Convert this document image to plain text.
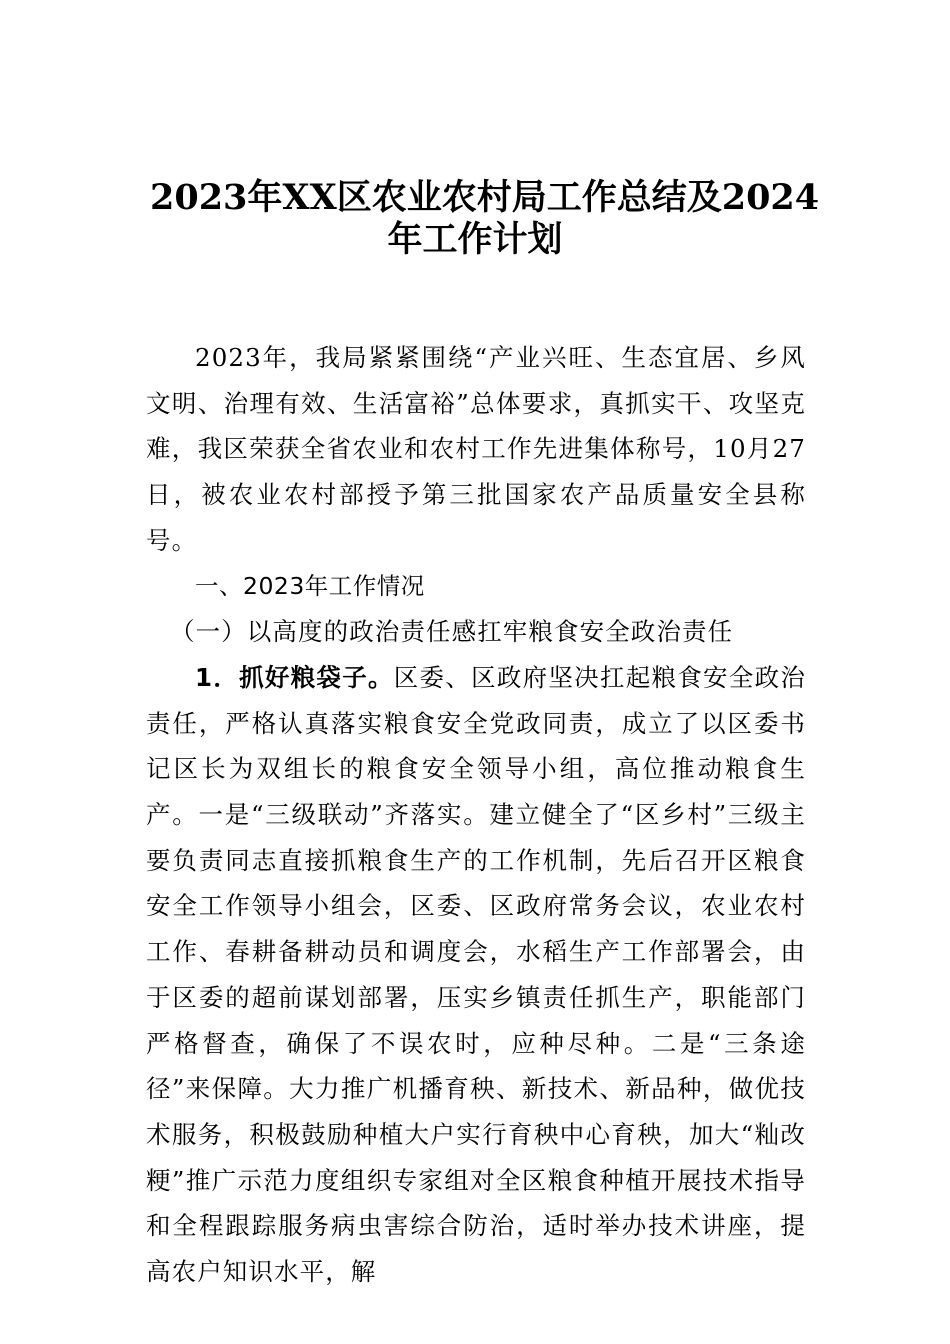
2023年XX区农业农村局工作总结及2024
年工作计划

2023年，我局紧紧围绕“产业兴旺、生态宜居、乡风文明、治理有效、生活富裕”总体要求，真抓实干、攻坚克难，我区荣获全省农业和农村工作先进集体称号，10月27日，被农业农村部授予第三批国家农产品质量安全县称号。

一、2023年工作情况

（一）以高度的政治责任感扛牢粮食安全政治责任

1．抓好粮袋子。区委、区政府坚决扛起粮食安全政治责任，严格认真落实粮食安全党政同责，成立了以区委书记区长为双组长的粮食安全领导小组，高位推动粮食生产。一是“三级联动”齐落实。建立健全了“区乡村”三级主要负责同志直接抓粮食生产的工作机制，先后召开区粮食安全工作领导小组会，区委、区政府常务会议，农业农村工作、春耕备耕动员和调度会，水稻生产工作部署会，由于区委的超前谋划部署，压实乡镇责任抓生产，职能部门严格督查，确保了不误农时，应种尽种。二是“三条途径”来保障。大力推广机播育秧、新技术、新品种，做优技术服务，积极鼓励种植大户实行育秧中心育秧，加大“籼改粳”推广示范力度组织专家组对全区粮食种植开展技术指导和全程跟踪服务病虫害综合防治，适时举办技术讲座，提高农户知识水平，解
